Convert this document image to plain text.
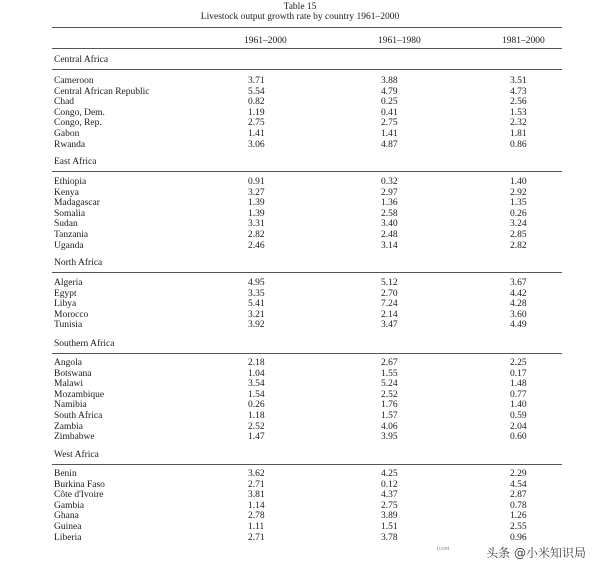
Table 15
Livestock output growth rate by country 1961–2000
1961–2000	1961–1980	1981–2000
(cont	头条 @小米知识局
Central Africa
Cameroon	3.71	3.88	3.51
Central African Republic	5.54	4.79	4.73
Chad	0.82	0.25	2.56
Congo, Dem.	1.19	0.41	1.53
Congo, Rep.	2.75	2.75	2.32
Gabon	1.41	1.41	1.81
Rwanda	3.06	4.87	0.86
East Africa
Ethiopia	0.91	0.32	1.40
Kenya	3.27	2.97	2.92
Madagascar	1.39	1.36	1.35
Somalia	1.39	2.58	0.26
Sudan	3.31	3.40	3.24
Tanzania	2.82	2.48	2.85
Uganda	2.46	3.14	2.82
North Africa
Algeria	4.95	5.12	3.67
Egypt	3.35	2.70	4.42
Libya	5.41	7.24	4.28
Morocco	3.21	2.14	3.60
Tunisia	3.92	3.47	4.49
Southern Africa
Angola	2.18	2.67	2.25
Botswana	1.04	1.55	0.17
Malawi	3.54	5.24	1.48
Mozambique	1.54	2.52	0.77
Namibia	0.26	1.76	1.40
South Africa	1.18	1.57	0.59
Zambia	2.52	4.06	2.04
Zimbabwe	1.47	3.95	0.60
West Africa
Benin	3.62	4.25	2.29
Burkina Faso	2.71	0.12	4.54
Côte d'Ivoire	3.81	4.37	2.87
Gambia	1.14	2.75	0.78
Ghana	2.78	3.89	1.26
Guinea	1.11	1.51	2.55
Liberia	2.71	3.78	0.96
